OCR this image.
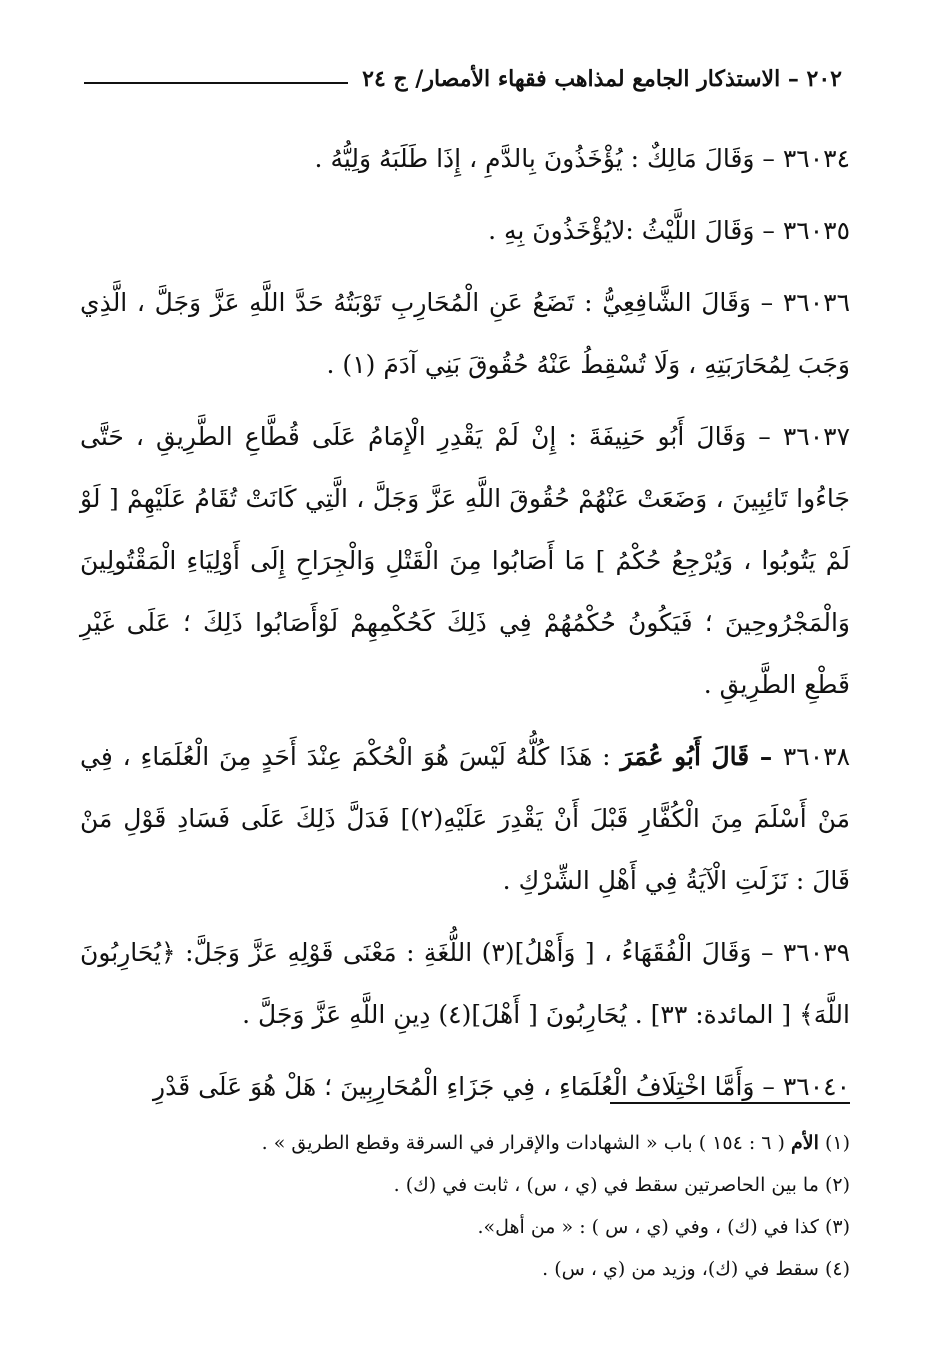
٢٠٢ – الاستذكار الجامع لمذاهب فقهاء الأمصار/ ج ٢٤

٣٦٠٣٤ – وَقَالَ مَالِكٌ : يُؤْخَذُونَ بِالدَّمِ ، إِذَا طَلَبَهُ وَلِيُّهُ .

٣٦٠٣٥ – وَقَالَ اللَّيْثُ :لايُؤْخَذُونَ بِهِ .

٣٦٠٣٦ – وَقَالَ الشَّافِعِيُّ : تَضَعُ عَنِ الْمُحَارِبِ تَوْبَتُهُ حَدَّ اللَّهِ عَزَّ وَجَلَّ ، الَّذِي وَجَبَ لِمُحَارَبَتِهِ ، وَلَا تُسْقِطُ عَنْهُ حُقُوقَ بَنِي آدَمَ (١) .

٣٦٠٣٧ – وَقَالَ أَبُو حَنِيفَةَ : إِنْ لَمْ يَقْدِرِ الْإِمَامُ عَلَى قُطَّاعِ الطَّرِيقِ ، حَتَّى جَاءُوا تَائِبِينَ ، وَضَعَتْ عَنْهُمْ حُقُوقَ اللَّهِ عَزَّ وَجَلَّ ، الَّتِي كَانَتْ تُقَامُ عَلَيْهِمْ [ لَوْ لَمْ يَتُوبُوا ، وَيُرْجِعُ حُكْمُ ] مَا أَصَابُوا مِنَ الْقَتْلِ وَالْجِرَاحِ إِلَى أَوْلِيَاءِ الْمَقْتُولِينَ وَالْمَجْرُوحِينَ ؛ فَيَكُونُ حُكْمُهُمْ فِي ذَلِكَ كَحُكْمِهِمْ لَوْأَصَابُوا ذَلِكَ ؛ عَلَى غَيْرِ قَطْعِ الطَّرِيقِ .

٣٦٠٣٨ – قَالَ أَبُو عُمَرَ : هَذَا كُلُّهُ لَيْسَ هُوَ الْحُكْمَ عِنْدَ أَحَدٍ مِنَ الْعُلَمَاءِ ، فِي مَنْ أَسْلَمَ مِنَ الْكُفَّارِ قَبْلَ أَنْ يَقْدِرَ عَلَيْهِ(٢)] فَدَلَّ ذَلِكَ عَلَى فَسَادِ قَوْلِ مَنْ قَالَ : نَزَلَتِ الْآيَةُ فِي أَهْلِ الشِّرْكِ .

٣٦٠٣٩ – وَقَالَ الْفُقَهَاءُ ، [ وَأَهْلُ](٣) اللُّغَةِ : مَعْنَى قَوْلِهِ عَزَّ وَجَلَّ: ﴿يُحَارِبُونَ اللَّهَ﴾ [ المائدة: ٣٣] . يُحَارِبُونَ [ أَهْلَ](٤) دِينِ اللَّهِ عَزَّ وَجَلَّ .

٣٦٠٤٠ – وَأَمَّا اخْتِلَافُ الْعُلَمَاءِ ، فِي جَزَاءِ الْمُحَارِبِينَ ؛ هَلْ هُوَ عَلَى قَدْرِ

(١) الأم ( ٦ : ١٥٤ ) باب « الشهادات والإقرار في السرقة وقطع الطريق » .

(٢) ما بين الحاصرتين سقط في (ي ، س) ، ثابت في (ك) .

(٣) كذا في (ك) ، وفي (ي ، س ) : « من أهل».

(٤) سقط في (ك)، وزيد من (ي ، س) .
